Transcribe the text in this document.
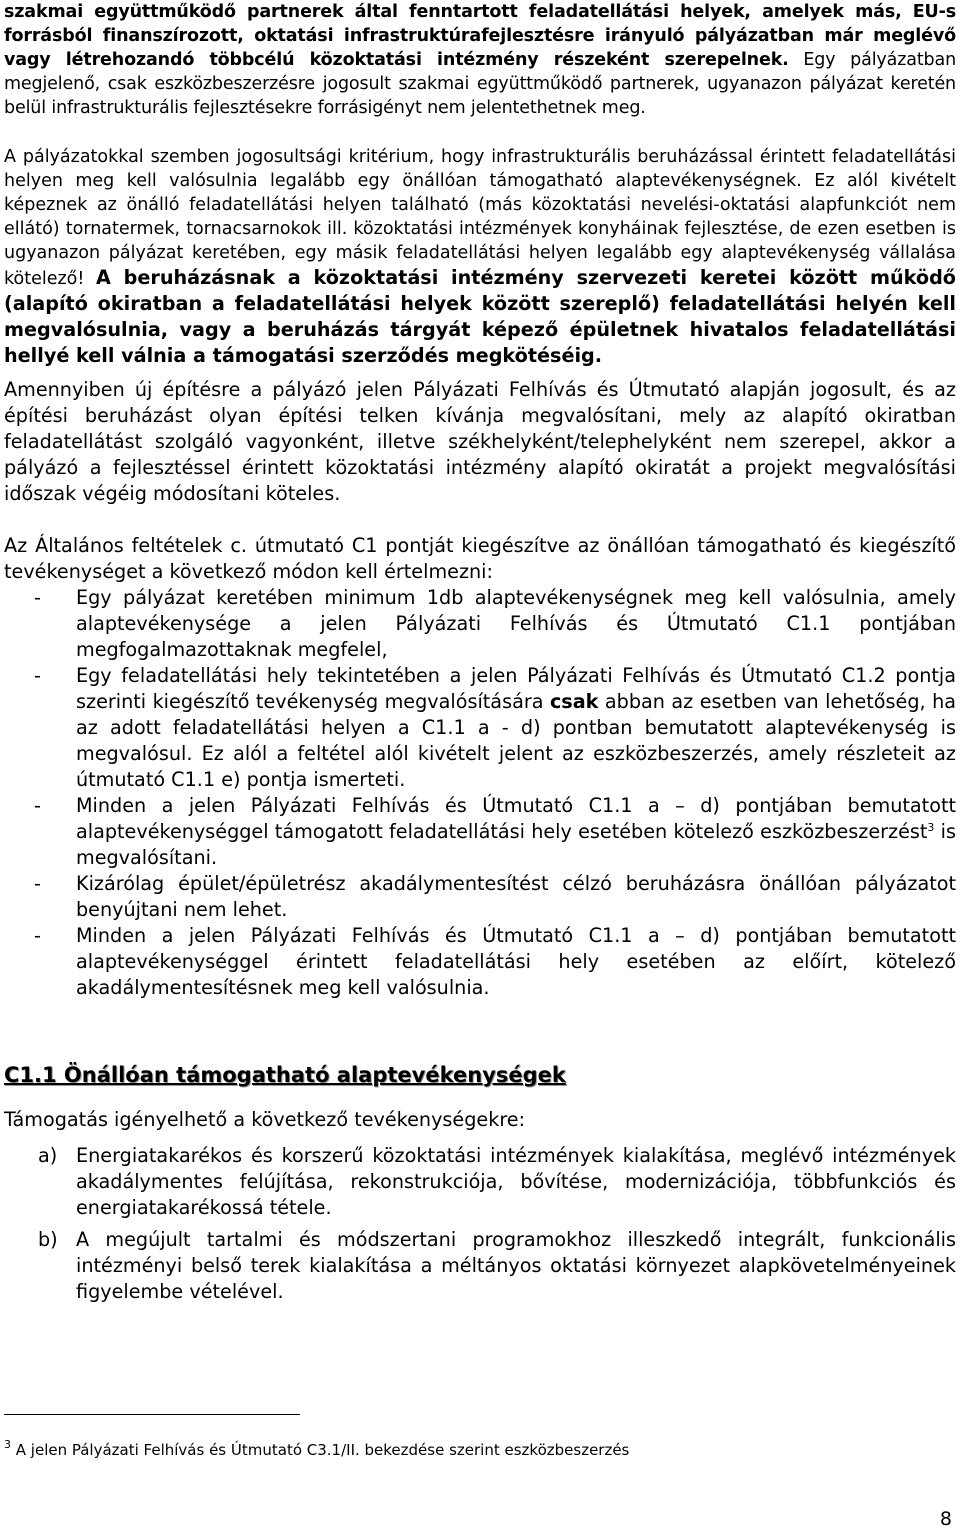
szakmai együttműködő partnerek által fenntartott feladatellátási helyek, amelyek más, EU-s forrásból finanszírozott, oktatási infrastruktúrafejlesztésre irányuló pályázatban már meglévő vagy létrehozandó többcélú közoktatási intézmény részeként szerepelnek. Egy pályázatban megjelenő, csak eszközbeszerzésre jogosult szakmai együttműködő partnerek, ugyanazon pályázat keretén belül infrastrukturális fejlesztésekre forrásigényt nem jelentethetnek meg.

A pályázatokkal szemben jogosultsági kritérium, hogy infrastrukturális beruházással érintett feladatellátási helyen meg kell valósulnia legalább egy önállóan támogatható alaptevékenységnek. Ez alól kivételt képeznek az önálló feladatellátási helyen található (más közoktatási nevelési-oktatási alapfunkciót nem ellátó) tornatermek, tornacsarnokok ill. közoktatási intézmények konyháinak fejlesztése, de ezen esetben is ugyanazon pályázat keretében, egy másik feladatellátási helyen legalább egy alaptevékenység vállalása kötelező! A beruházásnak a közoktatási intézmény szervezeti keretei között működő (alapító okiratban a feladatellátási helyek között szereplő) feladatellátási helyén kell megvalósulnia, vagy a beruházás tárgyát képező épületnek hivatalos feladatellátási hellyé kell válnia a támogatási szerződés megkötéséig.

Amennyiben új építésre a pályázó jelen Pályázati Felhívás és Útmutató alapján jogosult, és az építési beruházást olyan építési telken kívánja megvalósítani, mely az alapító okiratban feladatellátást szolgáló vagyonként, illetve székhelyként/telephelyként nem szerepel, akkor a pályázó a fejlesztéssel érintett közoktatási intézmény alapító okiratát a projekt megvalósítási időszak végéig módosítani köteles.

Az Általános feltételek c. útmutató C1 pontját kiegészítve az önállóan támogatható és kiegészítő tevékenységet a következő módon kell értelmezni:

- Egy pályázat keretében minimum 1db alaptevékenységnek meg kell valósulnia, amely alaptevékenysége a jelen Pályázati Felhívás és Útmutató C1.1 pontjában megfogalmazottaknak megfelel,
- Egy feladatellátási hely tekintetében a jelen Pályázati Felhívás és Útmutató C1.2 pontja szerinti kiegészítő tevékenység megvalósítására csak abban az esetben van lehetőség, ha az adott feladatellátási helyen a C1.1 a - d) pontban bemutatott alaptevékenység is megvalósul. Ez alól a feltétel alól kivételt jelent az eszközbeszerzés, amely részleteit az útmutató C1.1 e) pontja ismerteti.
- Minden a jelen Pályázati Felhívás és Útmutató C1.1 a – d) pontjában bemutatott alaptevékenységgel támogatott feladatellátási hely esetében kötelező eszközbeszerzést$^3$ is megvalósítani.
- Kizárólag épület/épületrész akadálymentesítést célzó beruházásra önállóan pályázatot benyújtani nem lehet.
- Minden a jelen Pályázati Felhívás és Útmutató C1.1 a – d) pontjában bemutatott alaptevékenységgel érintett feladatellátási hely esetében az előírt, kötelező akadálymentesítésnek meg kell valósulnia.
C1.1 Önállóan támogatható alaptevékenységek

Támogatás igényelhető a következő tevékenységekre:

a) Energiatakarékos és korszerű közoktatási intézmények kialakítása, meglévő intézmények akadálymentes felújítása, rekonstrukciója, bővítése, modernizációja, többfunkciós és energiatakarékossá tétele.
b) A megújult tartalmi és módszertani programokhoz illeszkedő integrált, funkcionális intézményi belső terek kialakítása a méltányos oktatási környezet alapkövetelményeinek figyelembe vételével.
$^3$ A jelen Pályázati Felhívás és Útmutató C3.1/II. bekezdése szerint eszközbeszerzés
8
